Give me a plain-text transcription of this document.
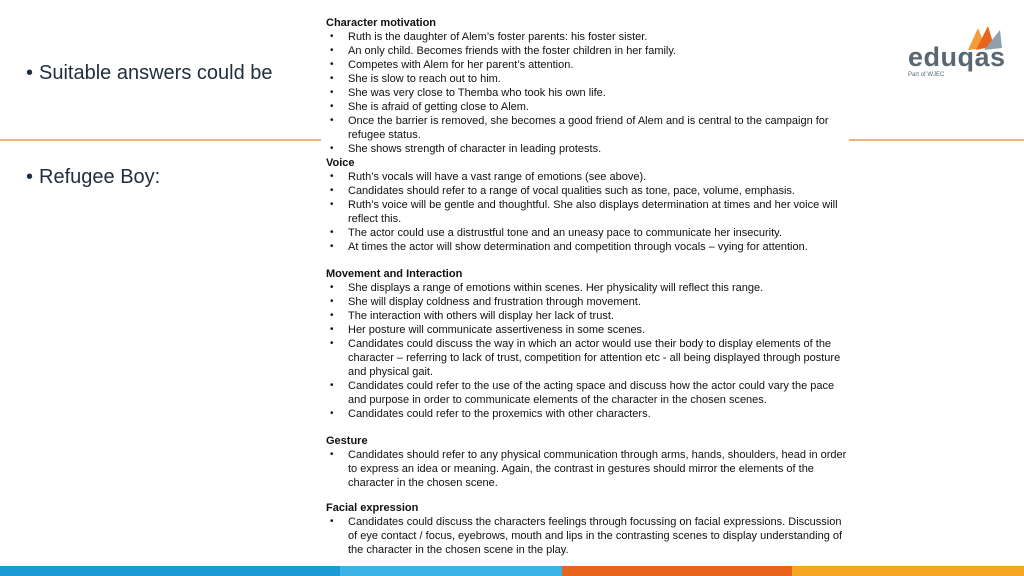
• Suitable answers could be
• Refugee Boy:
eduqas
Part of WJEC
Character motivation
• Ruth is the daughter of Alem’s foster parents: his foster sister.
• An only child. Becomes friends with the foster children in her family.
• Competes with Alem for her parent’s attention.
• She is slow to reach out to him.
• She was very close to Themba who took his own life.
• She is afraid of getting close to Alem.
• Once the barrier is removed, she becomes a good friend of Alem and is central to the campaign for refugee status.
• She shows strength of character in leading protests.
Voice
• Ruth’s vocals will have a vast range of emotions (see above).
• Candidates should refer to a range of vocal qualities such as tone, pace, volume, emphasis.
• Ruth’s voice will be gentle and thoughtful. She also displays determination at times and her voice will reflect this.
• The actor could use a distrustful tone and an uneasy pace to communicate her insecurity.
• At times the actor will show determination and competition through vocals – vying for attention.
Movement and Interaction
• She displays a range of emotions within scenes. Her physicality will reflect this range.
• She will display coldness and frustration through movement.
• The interaction with others will display her lack of trust.
• Her posture will communicate assertiveness in some scenes.
• Candidates could discuss the way in which an actor would use their body to display elements of the character – referring to lack of trust, competition for attention etc - all being displayed through posture and physical gait.
• Candidates could refer to the use of the acting space and discuss how the actor could vary the pace and purpose in order to communicate elements of the character in the chosen scenes.
• Candidates could refer to the proxemics with other characters.
Gesture
• Candidates should refer to any physical communication through arms, hands, shoulders, head in order to express an idea or meaning. Again, the contrast in gestures should mirror the elements of the character in the chosen scene.
Facial expression
• Candidates could discuss the characters feelings through focussing on facial expressions. Discussion of eye contact / focus, eyebrows, mouth and lips in the contrasting scenes to display understanding of the character in the chosen scene in the play.
